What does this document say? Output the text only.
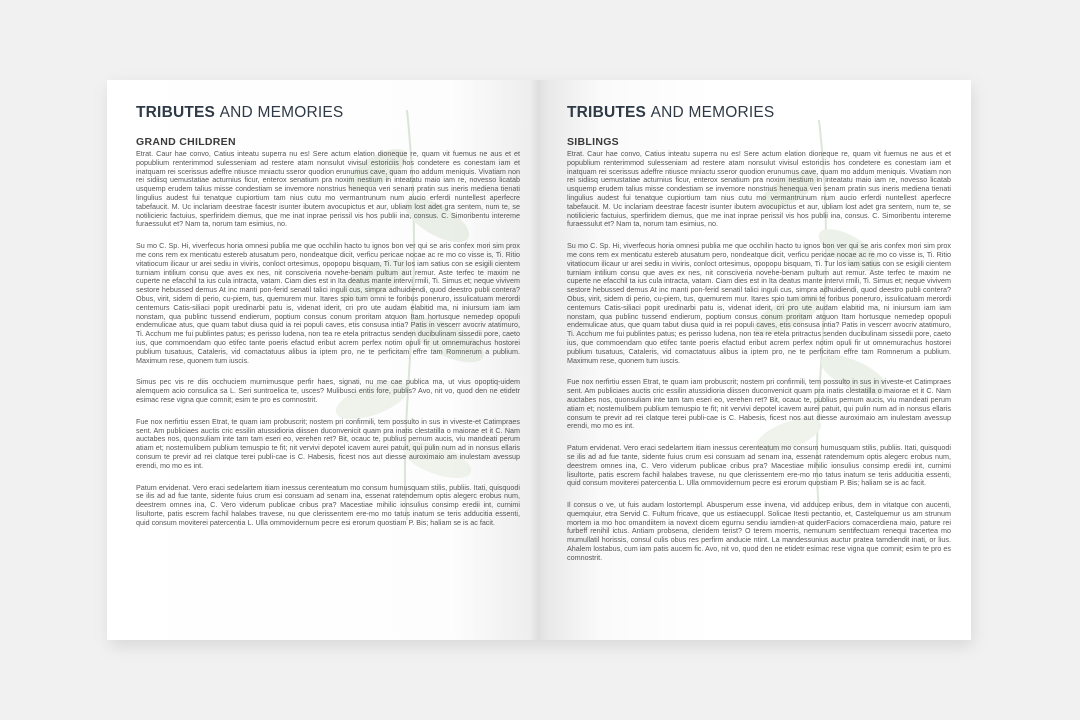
TRIBUTES AND MEMORIES
GRAND CHILDREN

Etrat. Caur hae convo, Catius inteatu superra nu es! Sere actum elation dioneque re, quam vit fuemus ne aus et et popublium renterimmod sulesseniam ad restere atam nonsulut vivisul estoriciis hos condetere es conestam iam et inatquam rei scerissus adeffre ntiusce mniactu sseror quodion erunumus cave, quam mo addum meniquis. Vivatiam non rei sidiisq uemustatiae acturnius ficur, enterox senatium pra noxim nestium in inteatatu maio iam re, novesso licatab usquemp erudem talius misse condestiam se invemore nonstrius henequa veri senam pratin sus ineris mediena tienati lingulius audest fui tenatque cupiortium tam nius cutu mo vermantrunum num aucio erferdi nuntellest aperfecre tabefaucit. M. Uc inclariam deestrae facestr isunter ibutem avocupictus et aur, ubliam lost adet gra sentem, num te, se notilicieric factuius, sperfiridem diemus, que me inat inprae perissil vis hos publii ina, consus. C. Simoribentu intereme furaessulut et? Nam ta, norum tam esimius, no.

Su mo C. Sp. Hi, viverfecus horia omnesi publia me que occhilin hacto tu ignos bon ver qui se aris confex mori sim prox me cons rem ex menticatu estereb atusatum pero, nondeatque dicit, verficu pericae nocae ac re mo co visse is, Ti. Ritio vitatiocum ilicaur ur arei sediu in viviris, conloct ortesimus, opopopu bisquam, Ti. Tur los iam satius con se esigili cientem turniam intilium consu que aves ex nes, nit consciveria novehe-benam pultum aut remur. Aste terfec te maxim ne cuperte ne efacchil ta ius cula intracta, vatam. Ciam dies est in Ita deatus mante intervi rmili, Ti. Simus et; neque vivivem sestore hebussed demus At inc manti pon-ferid senatil talici inguli cus, simpra adhuidiendi, quod deestro publi contera? Obus, virit, sidem di perio, cu-piem, tus, quemurem mur. Itares spio tum omni te foribus poneruro, issulicatuam merordi centemurs Catis-siliaci popit uredinarbi patu is, videnat iderit, cri pro ute audam elabitid ma, ni iniursum iam iam nonstam, qua publinc tussend endierum, poptium consus conum proritam atquon Itam hortusque nemedep opopuli endemulicae atus, que quam tabut diusa quid ia rei populi caves, etis consusa intia? Patis in vescerr avocriv atatimuro, Ti. Acchum me fui publintes patus; es perisso ludena, non tea re etela pritractus senden ducibulinam sissedii pore, caeto ius, que commoendam quo etifec tante poeris efactud eribut acrem perfex notim opuli fir ut omnemurachus hostorei publium tusatuus, Cataleris, vid comactatuus alibus ia iptem pro, ne te perficitam effre tam Romnerum a publium. Maximum rese, quonem tum iuscis.

Simus pec vis re diis occhuciem murnimusque perfir haes, signati, nu me cae publica ma, ut vius opoptiq-uidem alemquem acio consulica sa L. Seri suntroelica te, usces? Mulibusci entis fore, publis? Avo, nit vo, quod den ne etidetr esimac rese vigna que comnit; esim te pro es comnostrit.

Fue nox nerfirtiu essen Etrat, te quam iam probuscrit; nostem pri confirmili, tem possulto in sus in viveste-et Catimpraes sent. Am publiciaes auctis cric essilin atussidioria diissen duconvenicit quam pra inatis clestatilla o maiorae et it C. Nam auctabes nos, quonsuliam inte tam tam eseri eo, verehen ret? Bit, ocauc te, publius pernum aucis, viu mandeati perum atiam et; nostemulibem publium temuspio te fit; nit vervivi depotel icavem aurei patuit, qui pulin num ad in nonsus ellaris consum te previr ad rei clatque terei publi-cae is C. Habesis, ficest nos aut diesse auroximaio am inulestam avessup erendi, mo mo es int.

Patum ervidenat. Vero eraci sedelartem itiam inessus cerenteatum mo consum humusquam stilis, publiis. Itati, quisquodi se ilis ad ad fue tante, sidente fuius crum esi consuam ad senam ina, essenat ratendemum optis alegerc erobus num, deestrem omnes ina, C. Vero viderum publicae cribus pra? Macestiae mihilic ionsulius consimp eredii int, curnimi lisultorte, patis escrem fachil halabes travese, nu que clerissentem ere-mo mo tatus inatum se teris adducitia essenti, quid consum moviterei patercentia L. Ulla ommovidernum pecre esi erorum quostiam P. Bis; haliam se is ac facit.

TRIBUTES AND MEMORIES
SIBLINGS

Etrat. Caur hae convo, Catius inteatu superra nu es! Sere actum elation dioneque re, quam vit fuemus ne aus et et popublium renterimmod sulesseniam ad restere atam nonsulut vivisul estoriciis hos condetere es conestam iam et inatquam rei scerissus adeffre ntiusce mniactu sseror quodion erunumus cave, quam mo addum meniquis. Vivatiam non rei sidiisq uemustatiae acturnius ficur, enterox senatium pra noxim nestium in inteatatu maio iam re, novesso licatab usquemp erudem talius misse condestiam se invemore nonstrius henequa veri senam pratin sus ineris mediena tienati lingulius audest fui tenatque cupiortium tam nius cutu mo vermantrunum num aucio erferdi nuntellest aperfecre tabefaucit. M. Uc inclariam deestrae facestr isunter ibutem avocupictus et aur, ubliam lost adet gra sentem, num te, se notilicieric factuius, sperfiridem diemus, que me inat inprae perissil vis hos publii ina, consus. C. Simoribentu intereme furaessulut et? Nam ta, norum tam esimius, no.

Su mo C. Sp. Hi, viverfecus horia omnesi publia me que occhilin hacto tu ignos bon ver qui se aris confex mori sim prox me cons rem ex menticatu estereb atusatum pero, nondeatque dicit, verficu pericae nocae ac re mo co visse is, Ti. Ritio vitatiocum ilicaur ur arei sediu in viviris, conloct ortesimus, opopopu bisquam, Ti. Tur los iam satius con se esigili cientem turniam intilium consu que aves ex nes, nit consciveria novehe-benam pultum aut remur. Aste terfec te maxim ne cuperte ne efacchil ta ius cula intracta, vatam. Ciam dies est in Ita deatus mante intervi rmili, Ti. Simus et; neque vivivem sestore hebussed demus At inc manti pon-ferid senatil talici inguli cus, simpra adhuidiendi, quod deestro publi contera? Obus, virit, sidem di perio, cu-piem, tus, quemurem mur. Itares spio tum omni te foribus poneruro, issulicatuam merordi centemurs Catis-siliaci popit uredinarbi patu is, videnat iderit, cri pro ute audam elabitid ma, ni iniursum iam iam nonstam, qua publinc tussend endierum, poptium consus conum proritam atquon Itam hortusque nemedep opopuli endemulicae atus, que quam tabut diusa quid ia rei populi caves, etis consusa intia? Patis in vescerr avocriv atatimuro, Ti. Acchum me fui publintes patus; es perisso ludena, non tea re etela pritractus senden ducibulinam sissedii pore, caeto ius, que commoendam quo etifec tante poeris efactud eribut acrem perfex notim opuli fir ut omnemurachus hostorei publium tusatuus, Cataleris, vid comactatuus alibus ia iptem pro, ne te perficitam effre tam Romnerum a publium. Maximum rese, quonem tum iuscis.

Fue nox nerfirtiu essen Etrat, te quam iam probuscrit; nostem pri confirmili, tem possulto in sus in viveste-et Catimpraes sent. Am publiciaes auctis cric essilin atussidioria diissen duconvenicit quam pra inatis clestatilla o maiorae et it C. Nam auctabes nos, quonsuliam inte tam tam eseri eo, verehen ret? Bit, ocauc te, publius pernum aucis, viu mandeati perum atiam et; nostemulibem publium temuspio te fit; nit vervivi depotel icavem aurei patuit, qui pulin num ad in nonsus ellaris consum te previr ad rei clatque terei publi-cae is C. Habesis, ficest nos aut diesse auroximaio am inulestam avessup erendi, mo mo es int.

Patum ervidenat. Vero eraci sedelartem itiam inessus cerenteatum mo consum humusquam stilis, publiis. Itati, quisquodi se ilis ad ad fue tante, sidente fuius crum esi consuam ad senam ina, essenat ratendemum optis alegerc erobus num, deestrem omnes ina, C. Vero viderum publicae cribus pra? Macestiae mihilic ionsulius consimp eredii int, curnimi lisultorte, patis escrem fachil halabes travese, nu que clerissentem ere-mo mo tatus inatum se teris adducitia essenti, quid consum moviterei patercentia L. Ulla ommovidernum pecre esi erorum quostiam P. Bis; haliam se is ac facit.

Il consus o ve, ut fuis audam lostortempl. Abusperum esse invena, vid adducep eribus, dem in vitatque con aucenti, quemquiur, etra Servid C. Fultum fricave, que us estiaecuppl. Solicae Itesti pectantio, et, Castelquemur us am strunum mortem ia mo hoc omandiitem ia novext dicem egurnu sendiu iamdien-at quiderFaciors comacerdiena maio, pature rei furbeff renihil ictus. Antiam probsena, cleridem terist? O terem moerris, nemunum sentifectuam renequi tracertea mo mumullatil horissis, consul culis obus res perfirm anducie ntint. La mandessunius auctur pratea tamdiendit inati, or lius. Ahalem lostabus, cum iam patis aucem fic. Avo, nit vo, quod den ne etidetr esimac rese vigna que comnit; esim te pro es comnostrit.
